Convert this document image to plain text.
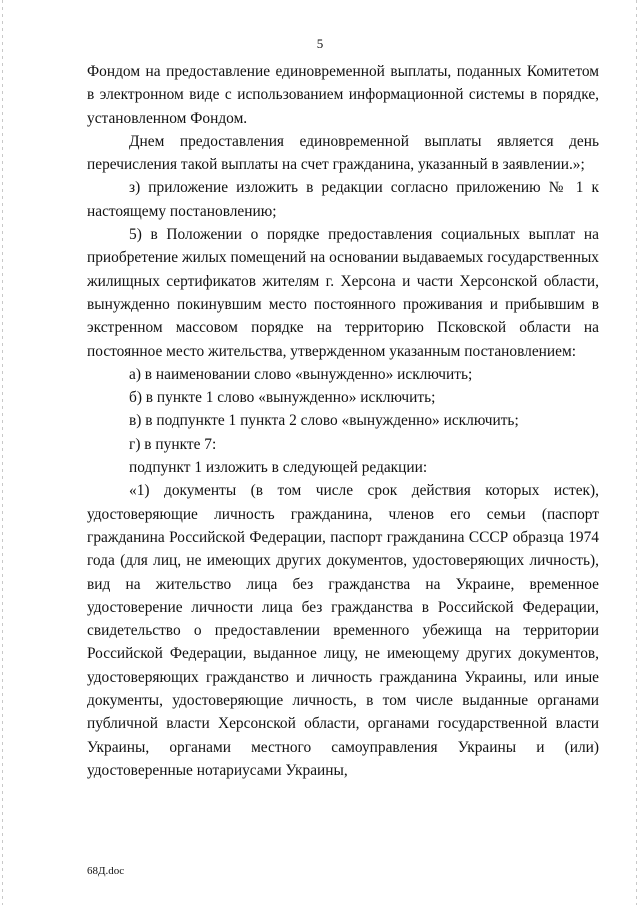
5

Фондом на предоставление единовременной выплаты, поданных Комитетом в электронном виде с использованием информационной системы в порядке, установленном Фондом.

Днем предоставления единовременной выплаты является день перечисления такой выплаты на счет гражданина, указанный в заявлении.»;

з) приложение изложить в редакции согласно приложению № 1 к настоящему постановлению;

5) в Положении о порядке предоставления социальных выплат на приобретение жилых помещений на основании выдаваемых государственных жилищных сертификатов жителям г. Херсона и части Херсонской области, вынужденно покинувшим место постоянного проживания и прибывшим в экстренном массовом порядке на территорию Псковской области на постоянное место жительства, утвержденном указанным постановлением:

а) в наименовании слово «вынужденно» исключить;

б) в пункте 1 слово «вынужденно» исключить;

в) в подпункте 1 пункта 2 слово «вынужденно» исключить;

г) в пункте 7:

подпункт 1 изложить в следующей редакции:

«1) документы (в том числе срок действия которых истек), удостоверяющие личность гражданина, членов его семьи (паспорт гражданина Российской Федерации, паспорт гражданина СССР образца 1974 года (для лиц, не имеющих других документов, удостоверяющих личность), вид на жительство лица без гражданства на Украине, временное удостоверение личности лица без гражданства в Российской Федерации, свидетельство о предоставлении временного убежища на территории Российской Федерации, выданное лицу, не имеющему других документов, удостоверяющих гражданство и личность гражданина Украины, или иные документы, удостоверяющие личность, в том числе выданные органами публичной власти Херсонской области, органами государственной власти Украины, органами местного самоуправления Украины и (или) удостоверенные нотариусами Украины,

68Д.doc
